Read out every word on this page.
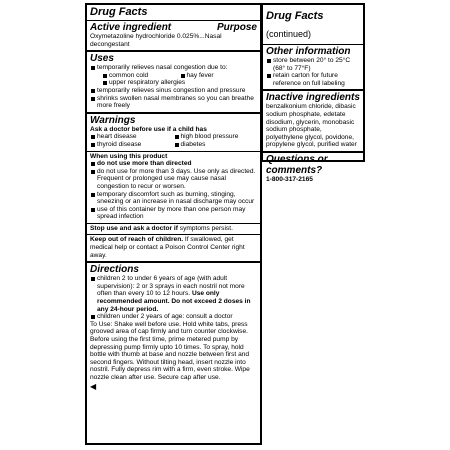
Drug Facts
Active ingredient	Purpose
Oxymetazoline hydrochloride 0.025%...Nasal decongestant
Uses
temporarily relieves nasal congestion due to:
common cold	hay fever
upper respiratory allergies
temporarily relieves sinus congestion and pressure
shrinks swollen nasal membranes so you can breathe more freely
Warnings
Ask a doctor before use if a child has
heart disease	high blood pressure
thyroid disease	diabetes
When using this product
do not use more than directed
do not use for more than 3 days. Use only as directed. Frequent or prolonged use may cause nasal congestion to recur or worsen.
temporary discomfort such as burning, stinging, sneezing or an increase in nasal discharge may occur
use of this container by more than one person may spread infection
Stop use and ask a doctor if symptoms persist.
Keep out of reach of children. If swallowed, get medical help or contact a Poison Control Center right away.
Directions
children 2 to under 6 years of age (with adult supervision): 2 or 3 sprays in each nostril not more often than every 10 to 12 hours. Use only recommended amount. Do not exceed 2 doses in any 24-hour period.
children under 2 years of age: consult a doctor
To Use: Shake well before use. Hold white tabs, press grooved area of cap firmly and turn counter clockwise. Before using the first time, prime metered pump by depressing pump firmly upto 10 times. To spray, hold bottle with thumb at base and nozzle between first and second fingers. Without tilting head, insert nozzle into nostril. Fully depress rim with a firm, even stroke. Wipe nozzle clean after use. Secure cap after use.
◀
Drug Facts (continued)
Other information
store between 20° to 25°C (68° to 77°F)
retain carton for future reference on full labeling
Inactive ingredients
benzalkonium chloride, dibasic sodium phosphate, edetate disodium, glycerin, monobasic sodium phosphate, polyethylene glycol, povidone, propylene glycol, purified water
Questions or comments?
1-800-317-2165
